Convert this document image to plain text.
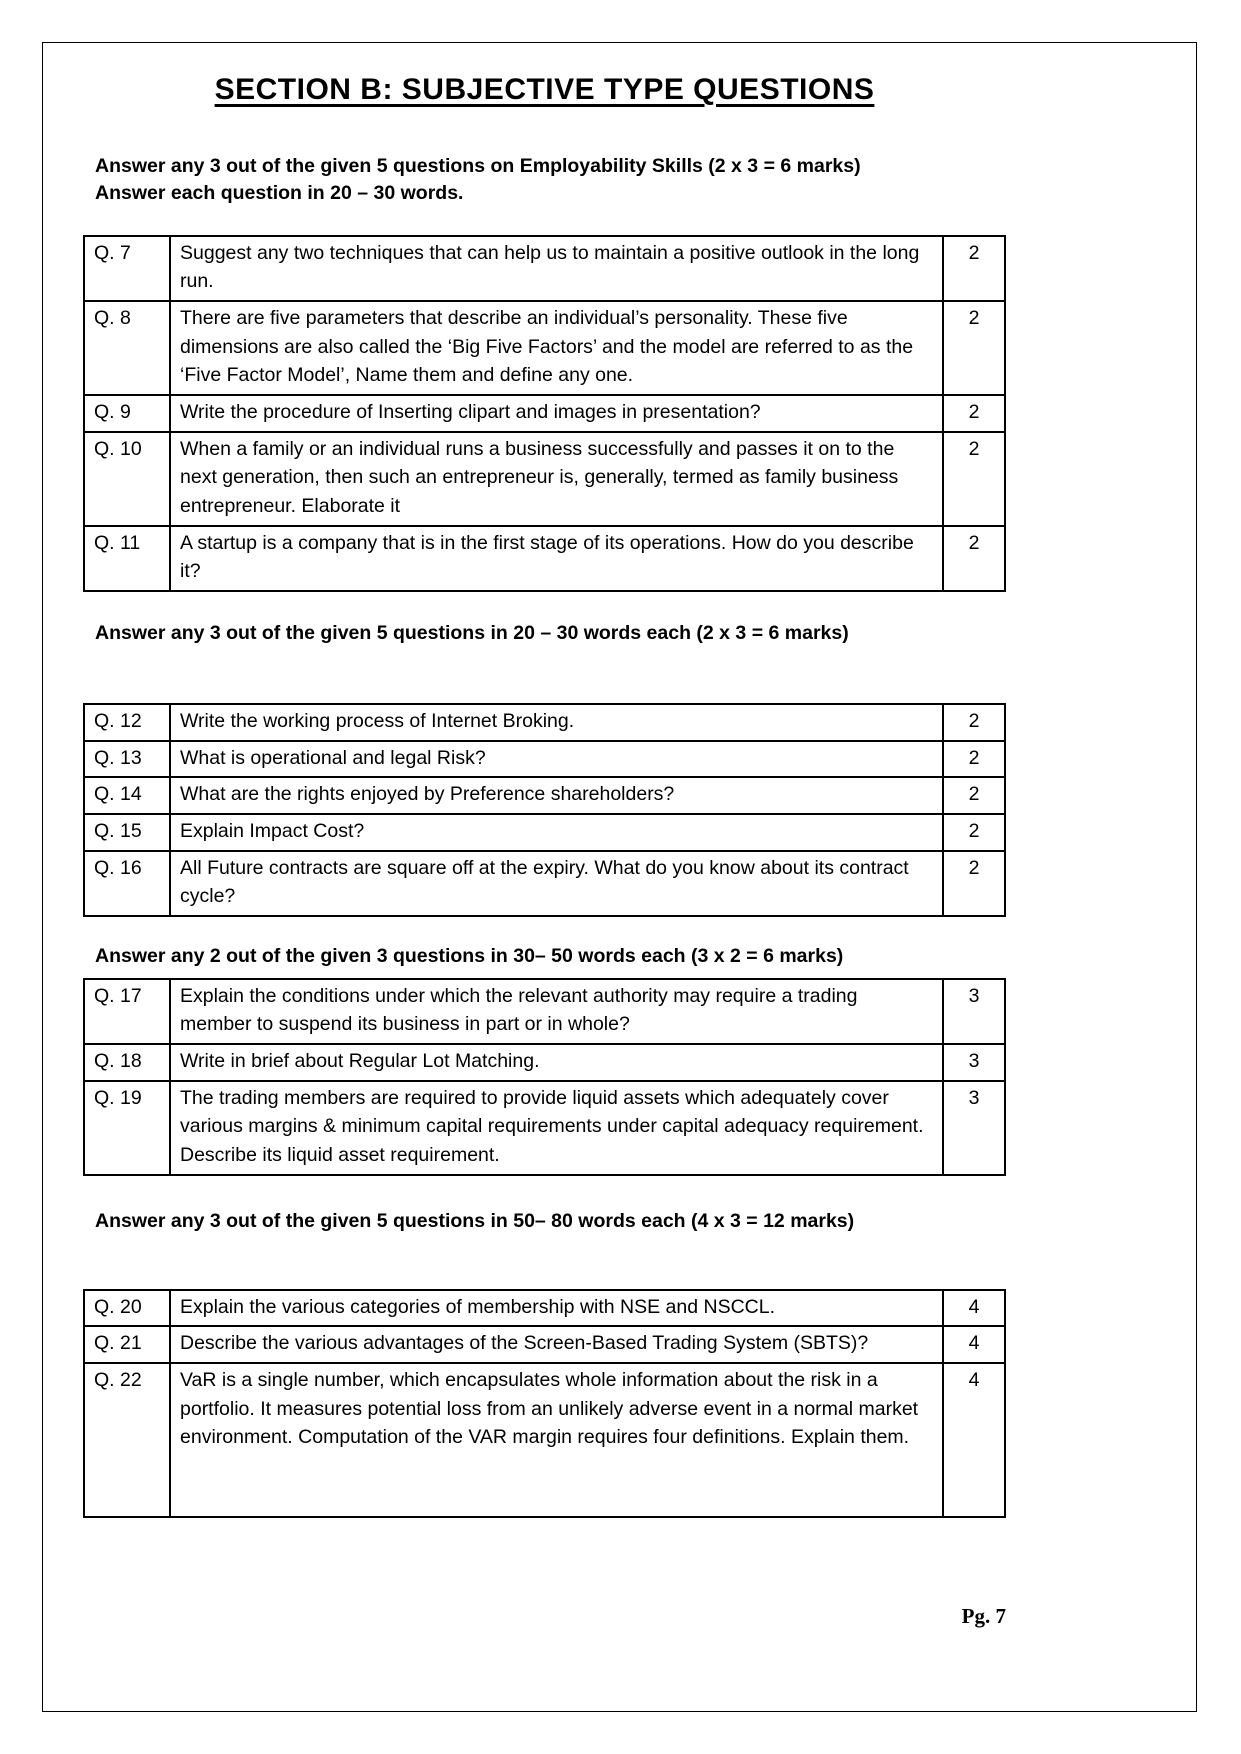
SECTION B: SUBJECTIVE TYPE QUESTIONS
Answer any 3 out of the given 5 questions on Employability Skills (2 x 3 = 6 marks)
Answer each question in 20 – 30 words.
Q. 7	Suggest any two techniques that can help us to maintain a positive outlook in the long run.	2
Q. 8	There are five parameters that describe an individual’s personality. These five dimensions are also called the ‘Big Five Factors’ and the model are referred to as the ‘Five Factor Model’, Name them and define any one.	2
Q. 9	Write the procedure of Inserting clipart and images in presentation?	2
Q. 10	When a family or an individual runs a business successfully and passes it on to the next generation, then such an entrepreneur is, generally, termed as family business entrepreneur. Elaborate it	2
Q. 11	A startup is a company that is in the first stage of its operations. How do you describe it?	2
Answer any 3 out of the given 5 questions in 20 – 30 words each (2 x 3 = 6 marks)
Q. 12	Write the working process of Internet Broking.	2
Q. 13	What is operational and legal Risk?	2
Q. 14	What are the rights enjoyed by Preference shareholders?	2
Q. 15	Explain Impact Cost?	2
Q. 16	All Future contracts are square off at the expiry. What do you know about its contract cycle?	2
Answer any 2 out of the given 3 questions in 30– 50 words each (3 x 2 = 6 marks)
Q. 17	Explain the conditions under which the relevant authority may require a trading member to suspend its business in part or in whole?	3
Q. 18	Write in brief about Regular Lot Matching.	3
Q. 19	The trading members are required to provide liquid assets which adequately cover various margins & minimum capital requirements under capital adequacy requirement. Describe its liquid asset requirement.	3
Answer any 3 out of the given 5 questions in 50– 80 words each (4 x 3 = 12 marks)
Q. 20	Explain the various categories of membership with NSE and NSCCL.	4
Q. 21	Describe the various advantages of the Screen-Based Trading System (SBTS)?	4
Q. 22	VaR is a single number, which encapsulates whole information about the risk in a portfolio. It measures potential loss from an unlikely adverse event in a normal market environment. Computation of the VAR margin requires four definitions. Explain them.	4
Pg. 7
